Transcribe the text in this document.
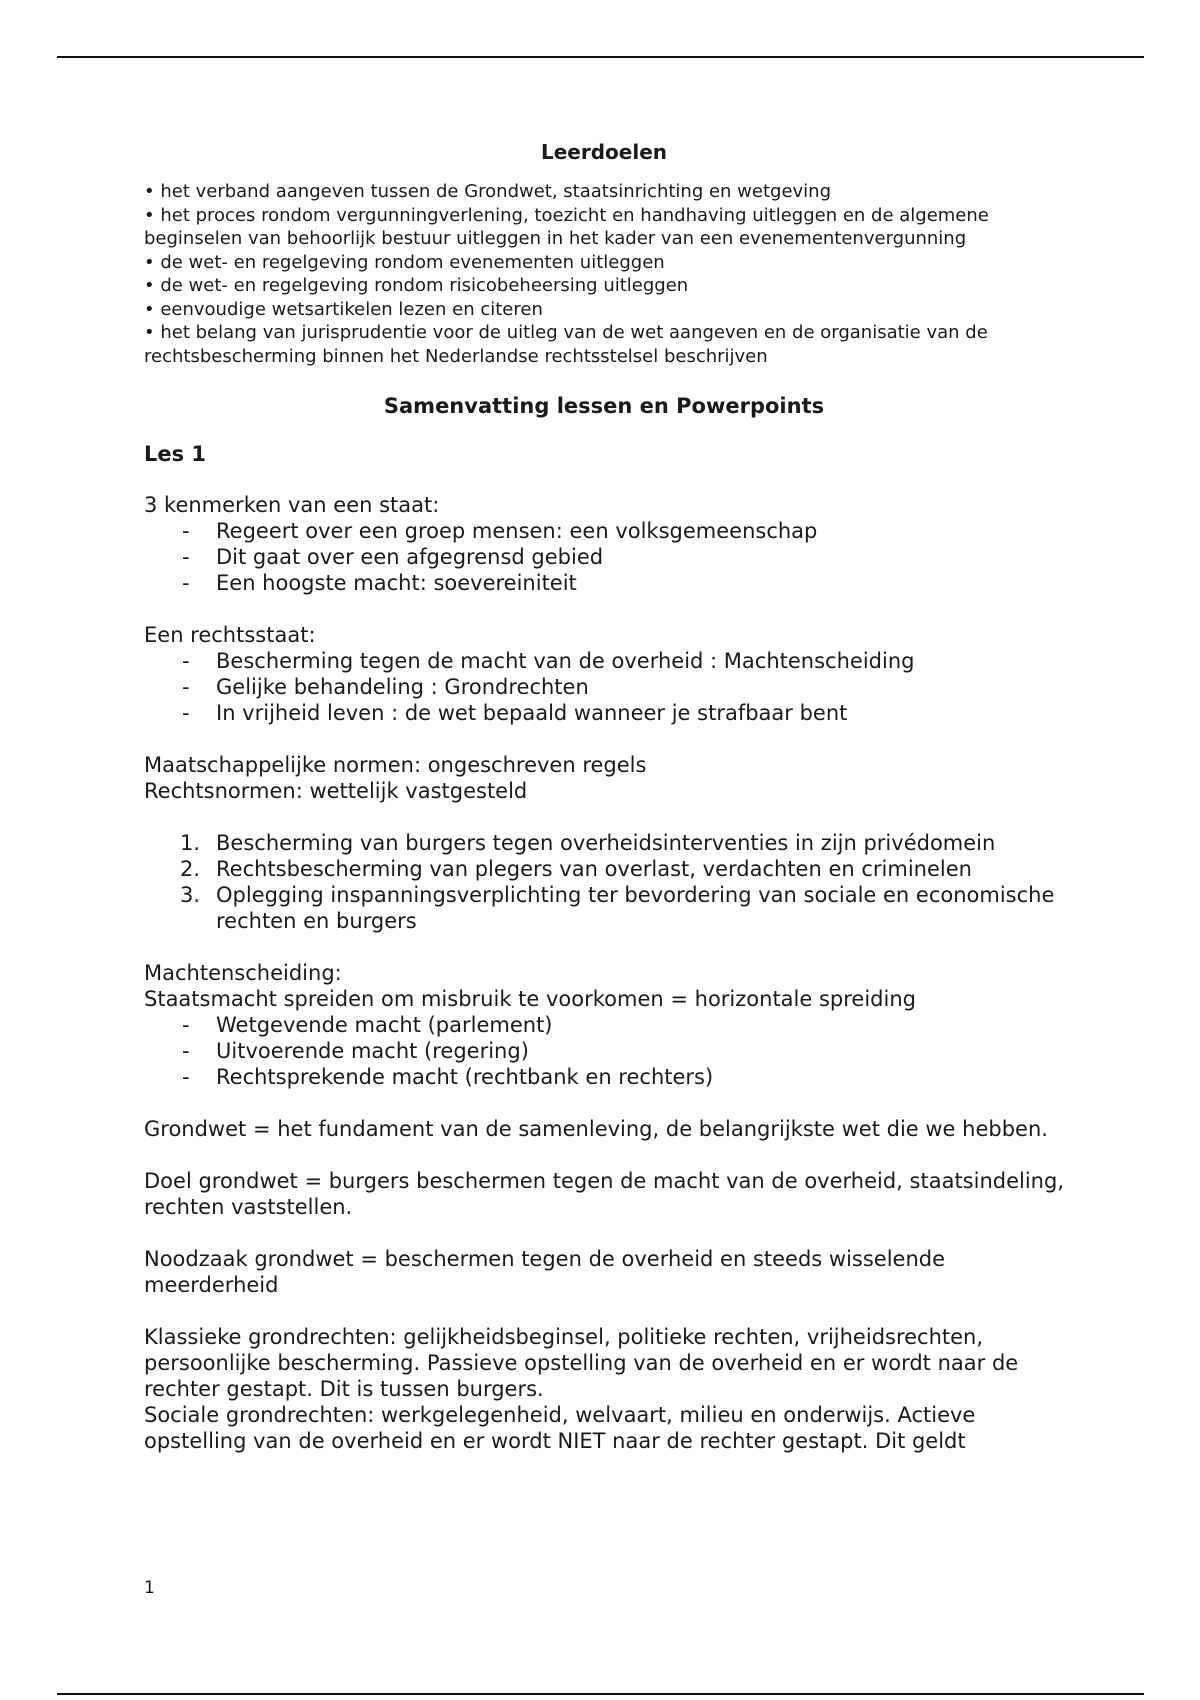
Leerdoelen

• het verband aangeven tussen de Grondwet, staatsinrichting en wetgeving

• het proces rondom vergunningverlening, toezicht en handhaving uitleggen en de algemene beginselen van behoorlijk bestuur uitleggen in het kader van een evenementenvergunning

• de wet- en regelgeving rondom evenementen uitleggen

• de wet- en regelgeving rondom risicobeheersing uitleggen

• eenvoudige wetsartikelen lezen en citeren

• het belang van jurisprudentie voor de uitleg van de wet aangeven en de organisatie van de rechtsbescherming binnen het Nederlandse rechtsstelsel beschrijven

Samenvatting lessen en Powerpoints
Les 1

3 kenmerken van een staat:

- Regeert over een groep mensen: een volksgemeenschap
- Dit gaat over een afgegrensd gebied
- Een hoogste macht: soevereiniteit

Een rechtsstaat:

- Bescherming tegen de macht van de overheid : Machtenscheiding
- Gelijke behandeling : Grondrechten
- In vrijheid leven : de wet bepaald wanneer je strafbaar bent

Maatschappelijke normen: ongeschreven regels

Rechtsnormen: wettelijk vastgesteld

1. Bescherming van burgers tegen overheidsinterventies in zijn privédomein
2. Rechtsbescherming van plegers van overlast, verdachten en criminelen
3. Oplegging inspanningsverplichting ter bevordering van sociale en economische rechten en burgers

Machtenscheiding:

Staatsmacht spreiden om misbruik te voorkomen = horizontale spreiding

- Wetgevende macht (parlement)
- Uitvoerende macht (regering)
- Rechtsprekende macht (rechtbank en rechters)

Grondwet = het fundament van de samenleving, de belangrijkste wet die we hebben.

Doel grondwet = burgers beschermen tegen de macht van de overheid, staatsindeling, rechten vaststellen.

Noodzaak grondwet = beschermen tegen de overheid en steeds wisselende meerderheid

Klassieke grondrechten: gelijkheidsbeginsel, politieke rechten, vrijheidsrechten, persoonlijke bescherming. Passieve opstelling van de overheid en er wordt naar de rechter gestapt. Dit is tussen burgers.

Sociale grondrechten: werkgelegenheid, welvaart, milieu en onderwijs. Actieve opstelling van de overheid en er wordt NIET naar de rechter gestapt. Dit geldt

1
